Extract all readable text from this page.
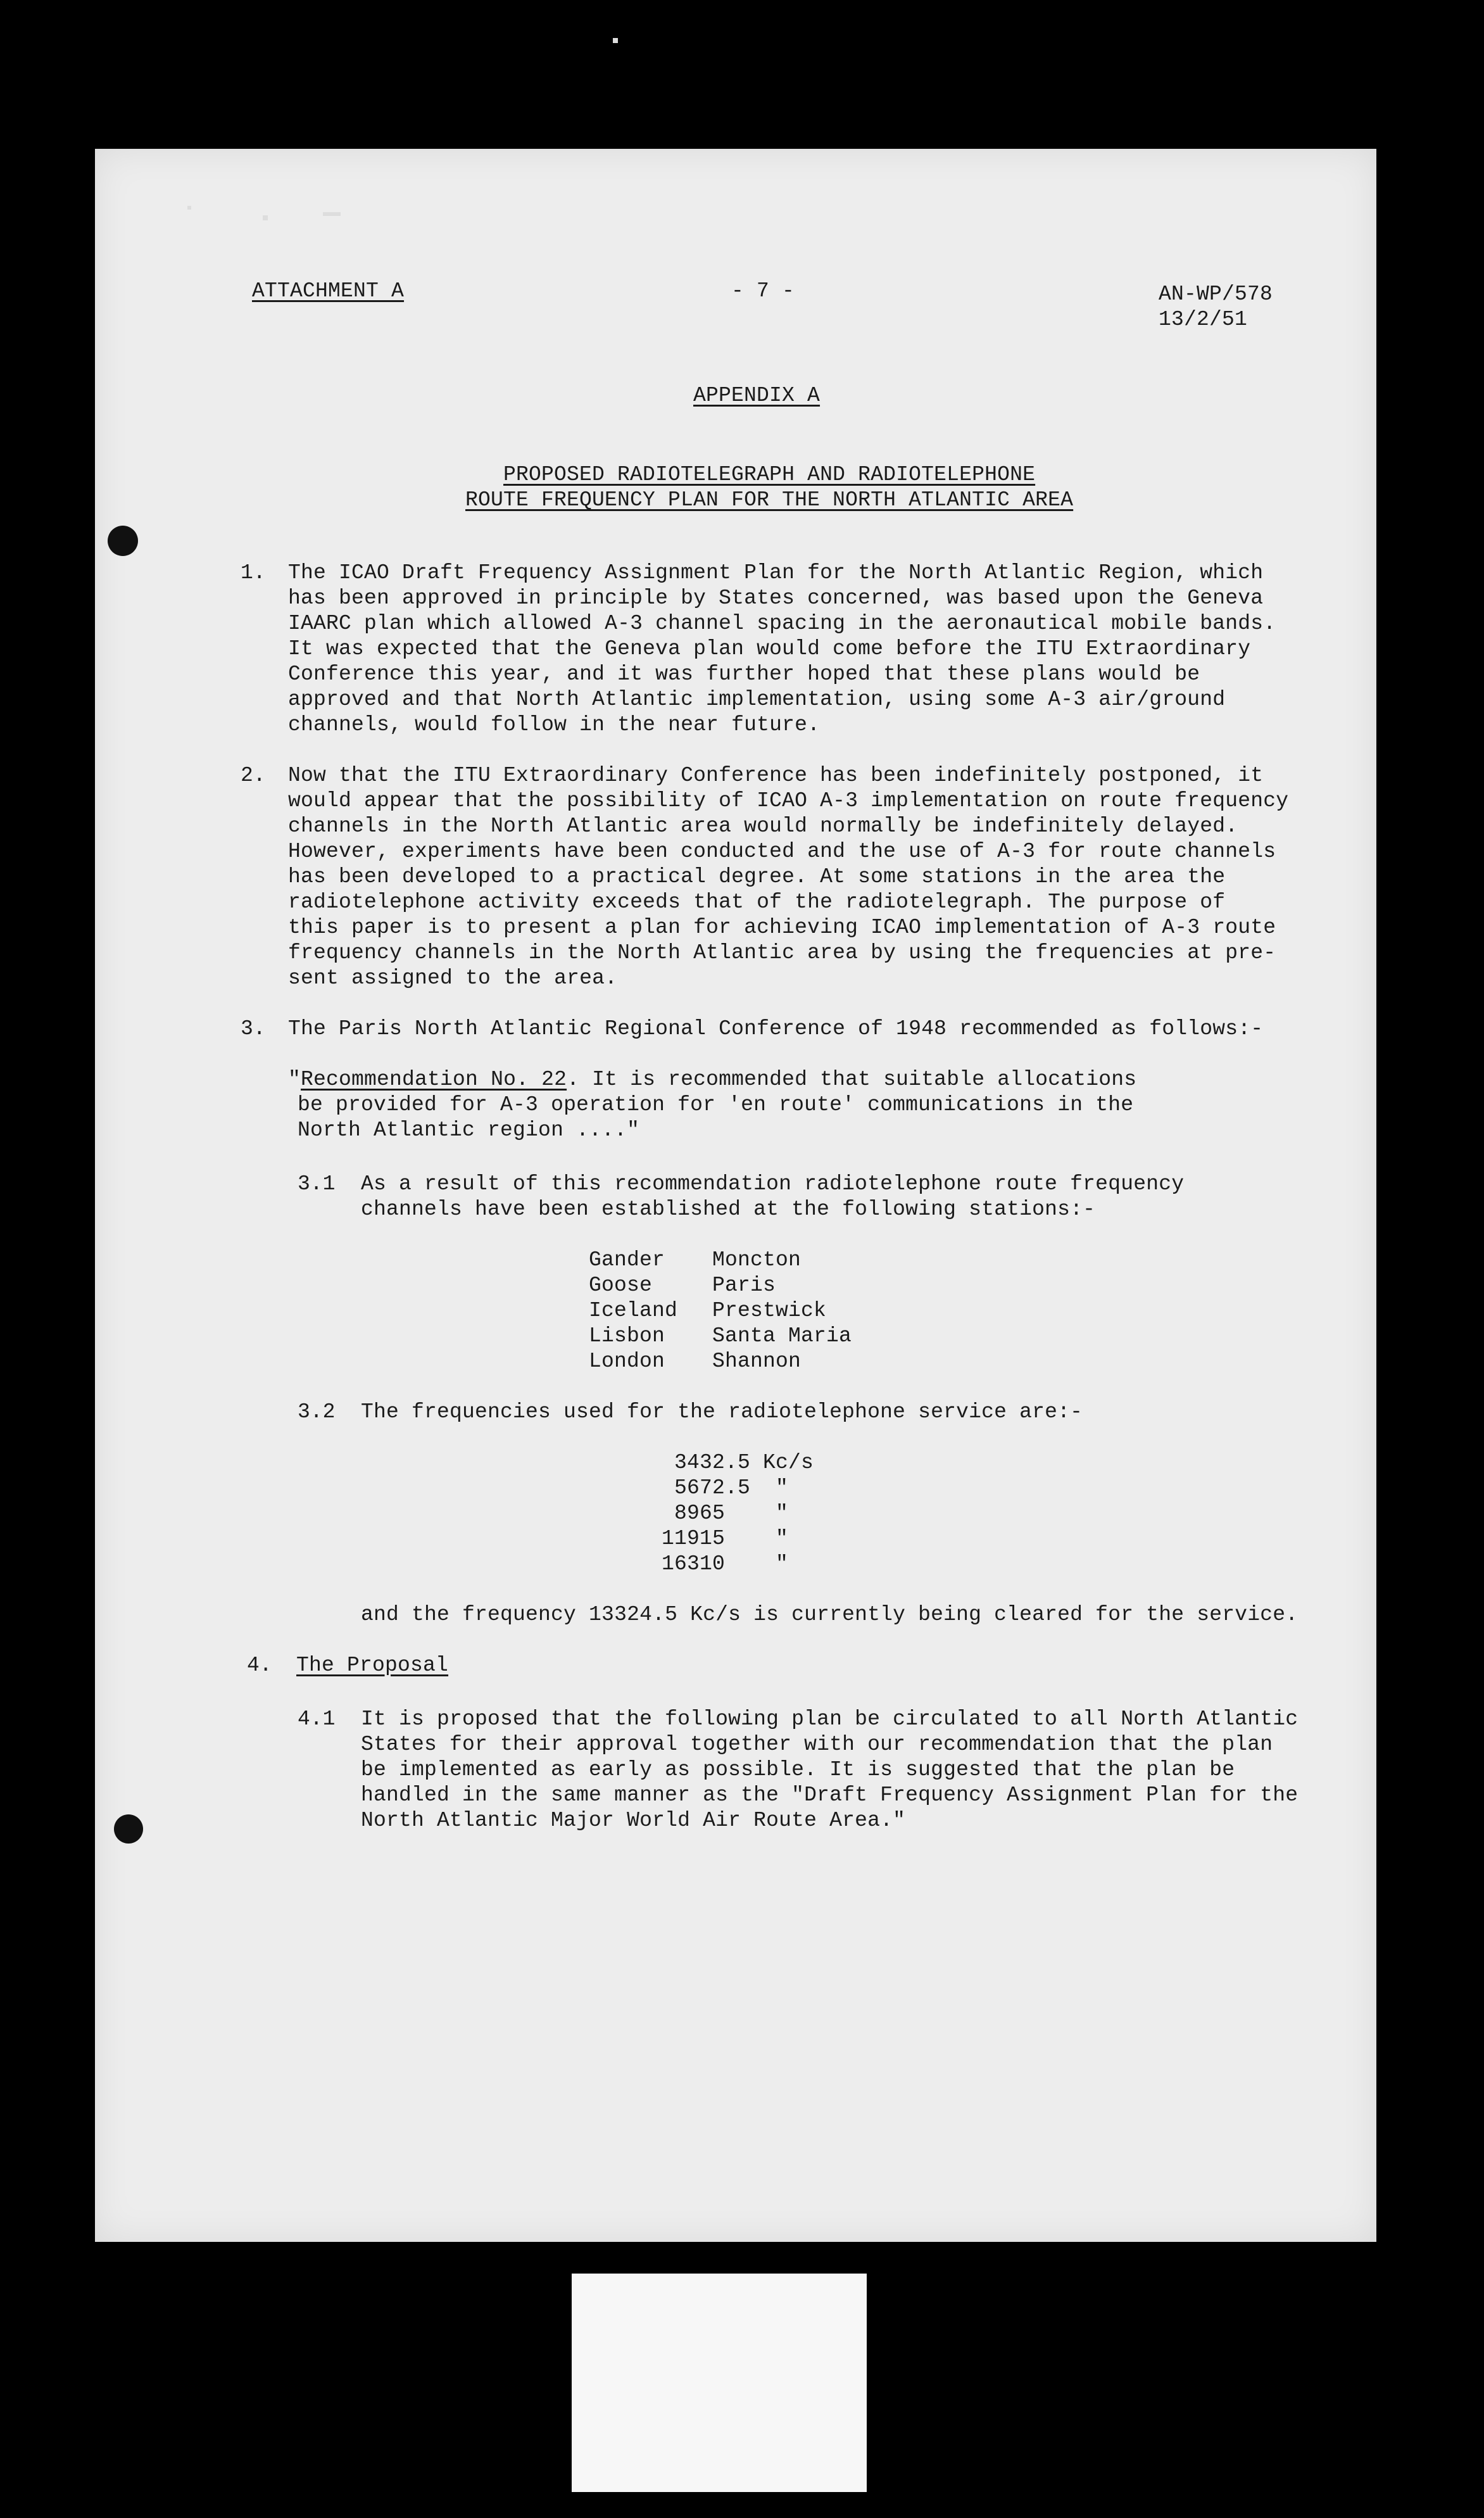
ATTACHMENT A	- 7 -	AN-WP/578
13/2/51
APPENDIX A
PROPOSED RADIOTELEGRAPH AND RADIOTELEPHONE
ROUTE FREQUENCY PLAN FOR THE NORTH ATLANTIC AREA
1. The ICAO Draft Frequency Assignment Plan for the North Atlantic Region, which
has been approved in principle by States concerned, was based upon the Geneva
IAARC plan which allowed A-3 channel spacing in the aeronautical mobile bands.
It was expected that the Geneva plan would come before the ITU Extraordinary
Conference this year, and it was further hoped that these plans would be
approved and that North Atlantic implementation, using some A-3 air/ground
channels, would follow in the near future.
2. Now that the ITU Extraordinary Conference has been indefinitely postponed, it
would appear that the possibility of ICAO A-3 implementation on route frequency
channels in the North Atlantic area would normally be indefinitely delayed.
However, experiments have been conducted and the use of A-3 for route channels
has been developed to a practical degree. At some stations in the area the
radiotelephone activity exceeds that of the radiotelegraph. The purpose of
this paper is to present a plan for achieving ICAO implementation of A-3 route
frequency channels in the North Atlantic area by using the frequencies at pre-
sent assigned to the area.
3. The Paris North Atlantic Regional Conference of 1948 recommended as follows:-
"Recommendation No. 22. It is recommended that suitable allocations
be provided for A-3 operation for 'en route' communications in the
North Atlantic region ...."
3.1 As a result of this recommendation radiotelephone route frequency
channels have been established at the following stations:-
Gander
Goose
Iceland
Lisbon
London
Moncton
Paris
Prestwick
Santa Maria
Shannon
3.2 The frequencies used for the radiotelephone service are:-
3432.5 Kc/s
5672.5  "
8965    "
11915    "
16310    "
and the frequency 13324.5 Kc/s is currently being cleared for the service.
4. The Proposal
4.1 It is proposed that the following plan be circulated to all North Atlantic
States for their approval together with our recommendation that the plan
be implemented as early as possible. It is suggested that the plan be
handled in the same manner as the "Draft Frequency Assignment Plan for the
North Atlantic Major World Air Route Area."
